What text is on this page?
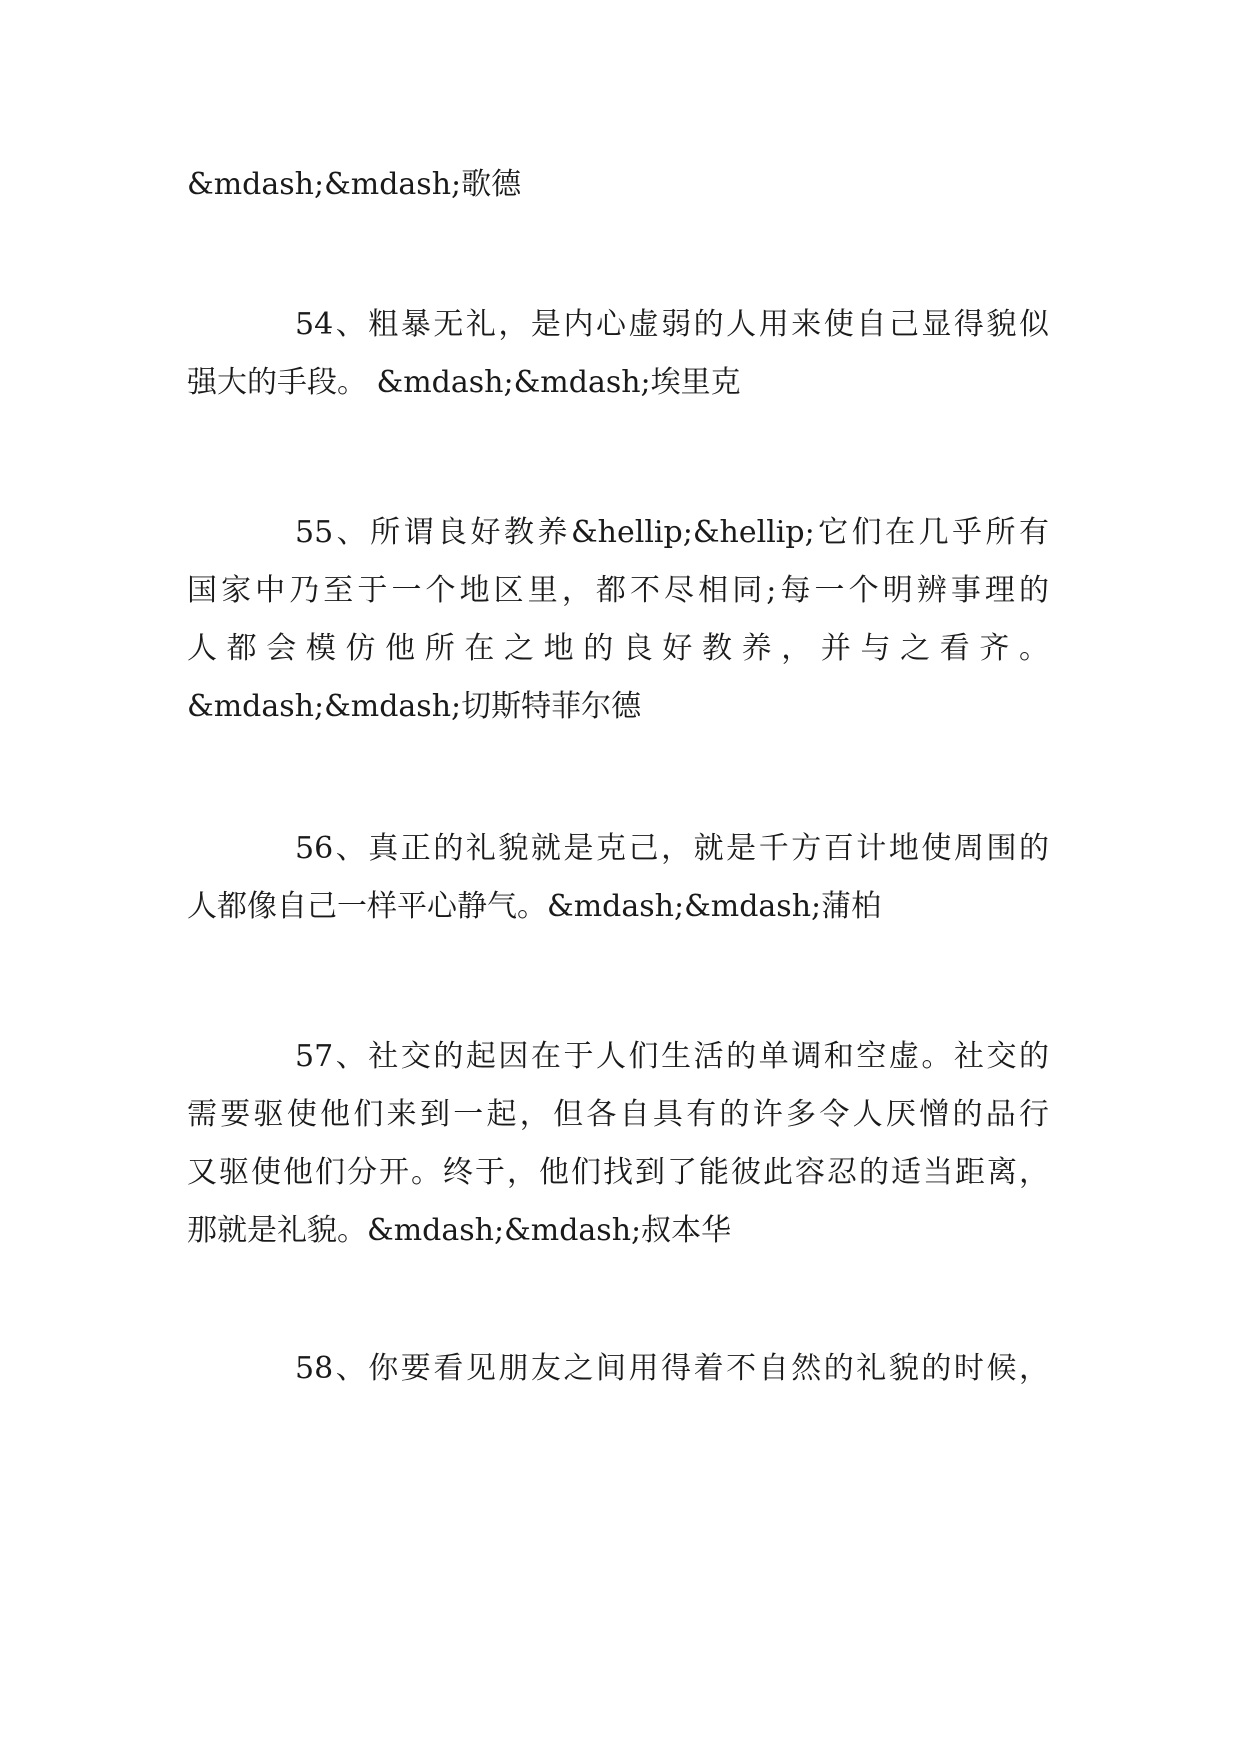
&mdash;&mdash;歌德
54、粗暴无礼，是内心虚弱的人用来使自己显得貌似
强大的手段。 &mdash;&mdash;埃里克
55、所谓良好教养&hellip;&hellip;它们在几乎所有
国家中乃至于一个地区里，都不尽相同;每一个明辨事理的
人都会模仿他所在之地的良好教养，并与之看齐。
&mdash;&mdash;切斯特菲尔德
56、真正的礼貌就是克己，就是千方百计地使周围的
人都像自己一样平心静气。&mdash;&mdash;蒲柏
57、社交的起因在于人们生活的单调和空虚。社交的
需要驱使他们来到一起，但各自具有的许多令人厌憎的品行
又驱使他们分开。终于，他们找到了能彼此容忍的适当距离，
那就是礼貌。&mdash;&mdash;叔本华
58、你要看见朋友之间用得着不自然的礼貌的时候，
